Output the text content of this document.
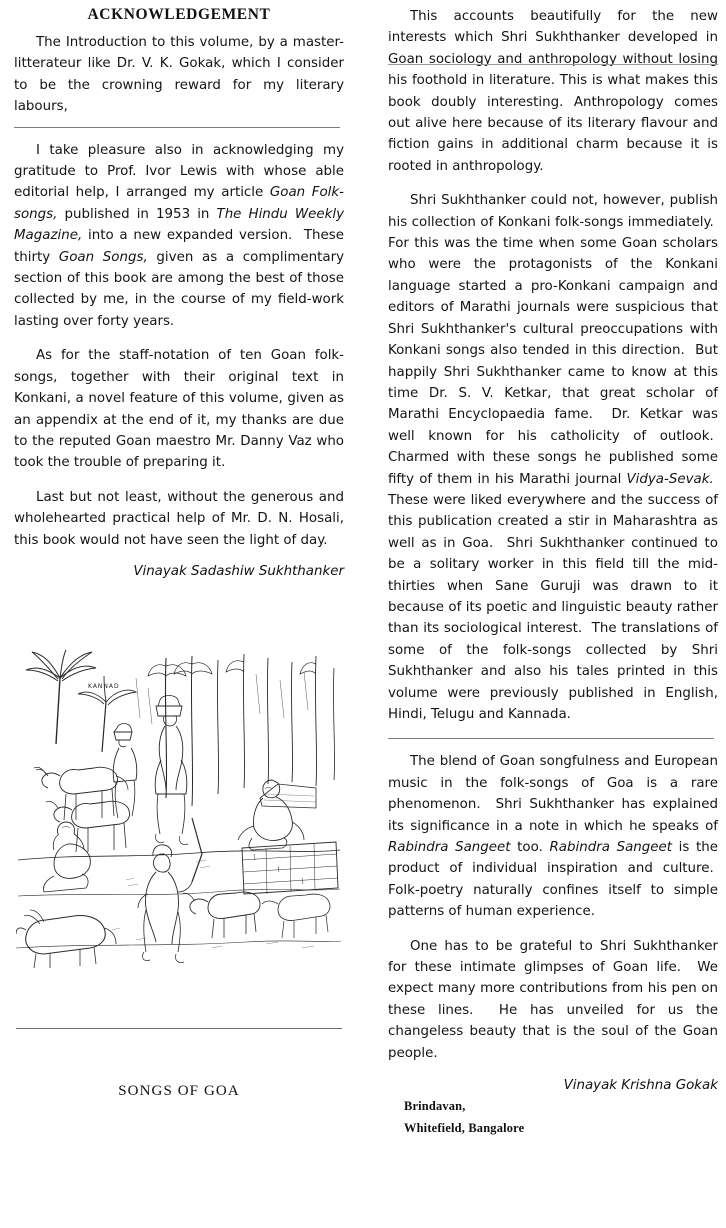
ACKNOWLEDGEMENT

The Introduction to this volume, by a master-litterateur like Dr. V. K. Gokak, which I consider to be the crowning reward for my literary labours,

I take pleasure also in acknowledging my gratitude to Prof. Ivor Lewis with whose able editorial help, I arranged my article Goan Folk-songs, published in 1953 in The Hindu Weekly Magazine, into a new expanded version.  These thirty Goan Songs, given as a complimentary section of this book are among the best of those collected by me, in the course of my field-work lasting over forty years.

As for the staff-notation of ten Goan folk-songs, together with their original text in Konkani, a novel feature of this volume, given as an appendix at the end of it, my thanks are due to the reputed Goan maestro Mr. Danny Vaz who took the trouble of preparing it.

Last but not least, without the generous and wholehearted practical help of Mr. D. N. Hosali, this book would not have seen the light of day.

Vinayak Sadashiw Sukhthanker

KANNAD
SONGS OF GOA

This accounts beautifully for the new interests which Shri Sukhthanker developed in Goan sociology and anthropology without losing his foothold in literature. This is what makes this book doubly interesting. Anthropology comes out alive here because of its literary flavour and fiction gains in additional charm because it is rooted in anthropology.

Shri Sukhthanker could not, however, publish his collection of Konkani folk-songs immediately.  For this was the time when some Goan scholars who were the protagonists of the Konkani language started a pro-Konkani campaign and editors of Marathi journals were suspicious that Shri Sukhthanker's cultural preoccupations with Konkani songs also tended in this direction.  But happily Shri Sukhthanker came to know at this time Dr. S. V. Ketkar, that great scholar of Marathi Encyclopaedia fame.  Dr. Ketkar was well known for his catholicity of outlook.  Charmed with these songs he published some fifty of them in his Marathi journal Vidya-Sevak.  These were liked everywhere and the success of this publication created a stir in Maharashtra as well as in Goa.  Shri Sukhthanker continued to be a solitary worker in this field till the mid-thirties when Sane Guruji was drawn to it because of its poetic and linguistic beauty rather than its sociological interest.  The translations of some of the folk-songs collected by Shri Sukhthanker and also his tales printed in this volume were previously published in English, Hindi, Telugu and Kannada.

The blend of Goan songfulness and European music in the folk-songs of Goa is a rare phenomenon.  Shri Sukhthanker has explained its significance in a note in which he speaks of Rabindra Sangeet too. Rabindra Sangeet is the product of individual inspiration and culture.  Folk-poetry naturally confines itself to simple patterns of human experience.

One has to be grateful to Shri Sukhthanker for these intimate glimpses of Goan life.  We expect many more contributions from his pen on these lines.  He has unveiled for us the changeless beauty that is the soul of the Goan people.

Vinayak Krishna Gokak

Brindavan,
Whitefield, Bangalore
